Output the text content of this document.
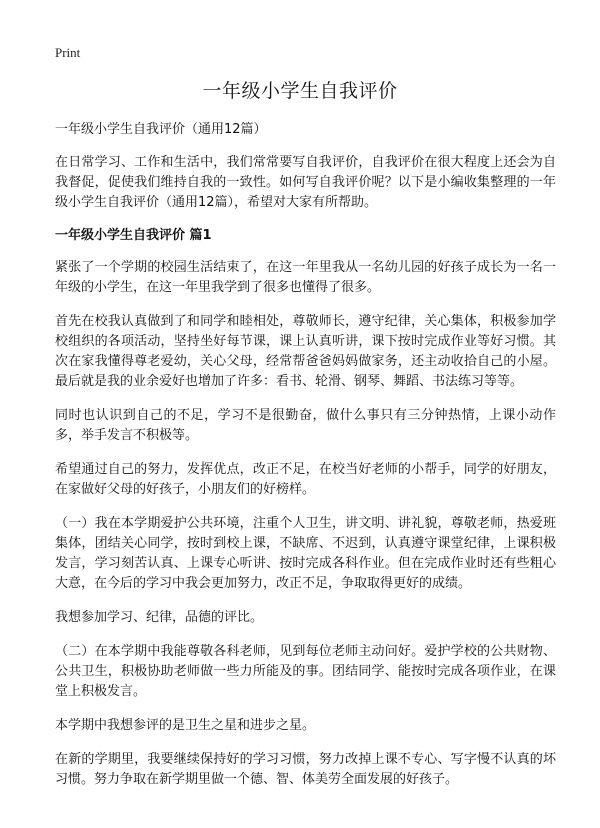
Print
一年级小学生自我评价

一年级小学生自我评价（通用12篇）

在日常学习、工作和生活中，我们常常要写自我评价，自我评价在很大程度上还会为自我督促，促使我们维持自我的一致性。如何写自我评价呢？以下是小编收集整理的一年级小学生自我评价（通用12篇），希望对大家有所帮助。

一年级小学生自我评价 篇1

紧张了一个学期的校园生活结束了，在这一年里我从一名幼儿园的好孩子成长为一名一年级的小学生，在这一年里我学到了很多也懂得了很多。

首先在校我认真做到了和同学和睦相处，尊敬师长，遵守纪律，关心集体，积极参加学校组织的各项活动，坚持坐好每节课，课上认真听讲，课下按时完成作业等好习惯。其次在家我懂得尊老爱幼，关心父母，经常帮爸爸妈妈做家务，还主动收拾自己的小屋。最后就是我的业余爱好也增加了许多：看书、轮滑、钢琴、舞蹈、书法练习等等。

同时也认识到自己的不足，学习不是很勤奋，做什么事只有三分钟热情，上课小动作多，举手发言不积极等。

希望通过自己的努力，发挥优点，改正不足，在校当好老师的小帮手，同学的好朋友，在家做好父母的好孩子，小朋友们的好榜样。

（一）我在本学期爱护公共环境，注重个人卫生，讲文明、讲礼貌，尊敬老师，热爱班集体，团结关心同学，按时到校上课，不缺席、不迟到，认真遵守课堂纪律，上课积极发言，学习刻苦认真、上课专心听讲、按时完成各科作业。但在完成作业时还有些粗心大意，在今后的学习中我会更加努力，改正不足，争取取得更好的成绩。

我想参加学习、纪律，品德的评比。

（二）在本学期中我能尊敬各科老师，见到每位老师主动问好。爱护学校的公共财物、公共卫生，积极协助老师做一些力所能及的事。团结同学、能按时完成各项作业，在课堂上积极发言。

本学期中我想参评的是卫生之星和进步之星。

在新的学期里，我要继续保持好的学习习惯，努力改掉上课不专心、写字慢不认真的坏习惯。努力争取在新学期里做一个德、智、体美劳全面发展的好孩子。
